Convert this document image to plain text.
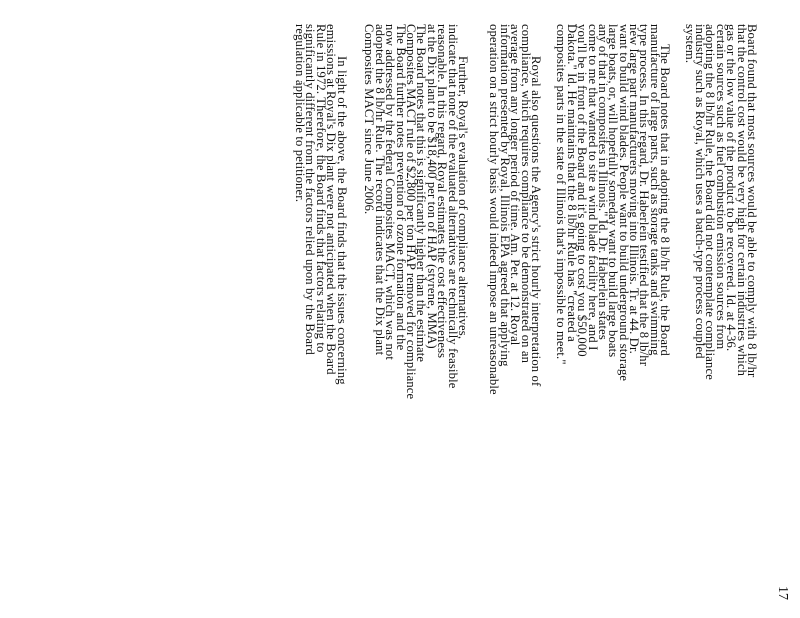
17
Board found that most sources would be able to comply with 8 lb/hr
that the control cost would be very high for certain industries which
gas or the low value of the product to be recovered. Id. at 4-36.
certain sources such as fuel combustion emission sources from
adopting the 8 lb/hr Rule, the Board did not contemplate compliance
industry such as Royal, which uses a batch-type process coupled
system.
The Board notes that in adopting the 8 lb/hr Rule, the Board
manufacture of large parts, such as storage tanks and swimming
type process. In this regard, Dr. Haberlein testified that the 8 lb/hr
new large part manufacturers moving into Illinois. Tr. at 44. Dr.
want to build wind blades. People want to build underground storage
large boats, or, will hopefully someday want to build large boats
any of that in composites in Illinois." Id. Dr. Haberlein states
come to me that wanted to site a wind blade facility here, and I
you'll be in front of the Board and it's going to cost you $50,000
Dakota." Id. He maintains that the 8 lb/hr Rule has "created a
composites parts in the state of Illinois that's impossible to meet."
Royal also questions the Agency's strict hourly interpretation of
compliance, which requires compliance to be demonstrated on an
average from any longer period of time. Am. Pet. at 12. Royal
information presented by Royal, Illinois EPA agreed that applying
operation on a strict hourly basis would indeed impose an unreasonable
Further, Royal's evaluation of compliance alternatives,
indicate that none of the evaluated alternatives are technically feasible
reasonable. In this regard, Royal estimates the cost effectiveness
at the Dix plant to be $18,400 per ton of HAP (styrene, MMA)
The Board notes that this is significantly higher than the estimate
Composites MACT rule of $2,800 per ton HAP removed for compliance
The Board further notes prevention of ozone formation and the
now addressed by the federal Composites MACT, which was not
adopted the 8 lb/hr Rule. The record indicates that the Dix plant
Composites MACT since June 2006.
In light of the above, the Board finds that the issues concerning
emissions at Royal's Dix plant were not anticipated when the Board
Rule in 1972. Therefore, the Board finds that factors relating to
significantly different from the factors relied upon by the Board
regulation applicable to petitioner.
